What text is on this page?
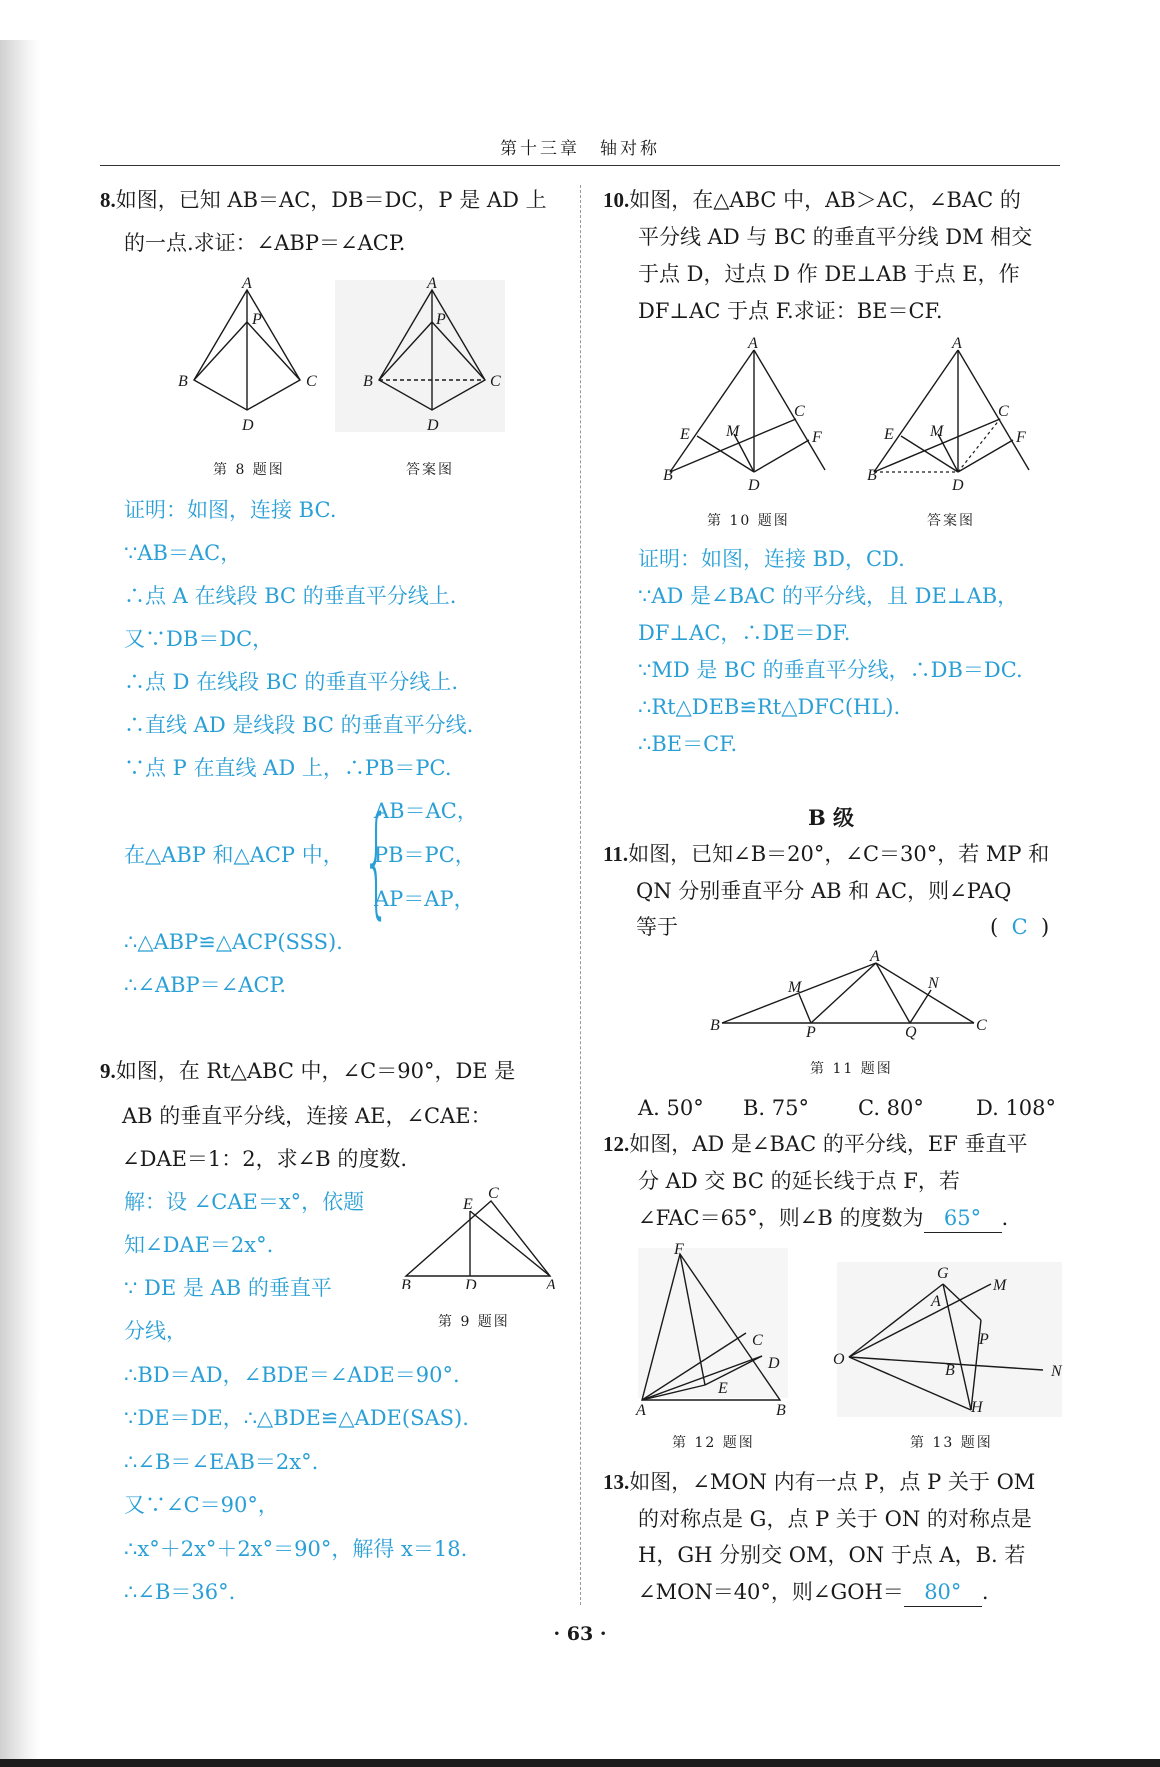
第十三章　轴对称
8.如图，已知 AB＝AC，DB＝DC，P 是 AD 上
的一点.求证：∠ABP＝∠ACP.
A
P
B	C
D
A
P
B	C
D
第 8 题图	答案图
证明：如图，连接 BC.
∵AB＝AC，
∴点 A 在线段 BC 的垂直平分线上.
又∵DB＝DC，
∴点 D 在线段 BC 的垂直平分线上.
∴直线 AD 是线段 BC 的垂直平分线.
∵点 P 在直线 AD 上，∴PB＝PC.
在△ABP 和△ACP 中， {
AB＝AC，
PB＝PC，
AP＝AP，
∴△ABP≌△ACP(SSS).
∴∠ABP＝∠ACP.
9.如图，在 Rt△ABC 中，∠C＝90°，DE 是
AB 的垂直平分线，连接 AE，∠CAE：
∠DAE＝1：2，求∠B 的度数.
C
E
B	D	A
第 9 题图
解：设 ∠CAE＝x°，依题
知∠DAE＝2x°.
∵ DE 是 AB 的垂直平
分线，
∴BD＝AD，∠BDE＝∠ADE＝90°.
∵DE＝DE，∴△BDE≌△ADE(SAS).
∴∠B＝∠EAB＝2x°.
又∵∠C＝90°，
∴x°＋2x°＋2x°＝90°，解得 x＝18.
∴∠B＝36°.
10.如图，在△ABC 中，AB＞AC，∠BAC 的
平分线 AD 与 BC 的垂直平分线 DM 相交
于点 D，过点 D 作 DE⊥AB 于点 E，作
DF⊥AC 于点 F.求证：BE＝CF.
A
C
F
E M
B
D
A
C
F
E M
B
D
第 10 题图	答案图
证明：如图，连接 BD，CD.
∵AD 是∠BAC 的平分线，且 DE⊥AB，
DF⊥AC，∴DE＝DF.
∵MD 是 BC 的垂直平分线，∴DB＝DC.
∴Rt△DEB≌Rt△DFC(HL).
∴BE＝CF.
B 级
11.如图，已知∠B＝20°，∠C＝30°，若 MP 和
QN 分别垂直平分 AB 和 AC，则∠PAQ
等于	( C )
A
M	N
B	P	Q	C
第 11 题图
A. 50° B. 75° C. 80° D. 108°
12.如图，AD 是∠BAC 的平分线，EF 垂直平
分 AD 交 BC 的延长线于点 F，若
∠FAC＝65°，则∠B 的度数为 65° .
F
C
D
E
A	B
第 12 题图
G
M
A
P
O
B	N
H
第 13 题图
13.如图，∠MON 内有一点 P，点 P 关于 OM
的对称点是 G，点 P 关于 ON 的对称点是
H，GH 分别交 OM，ON 于点 A，B. 若
∠MON＝40°，则∠GOH＝ 80° .
· 63 ·
